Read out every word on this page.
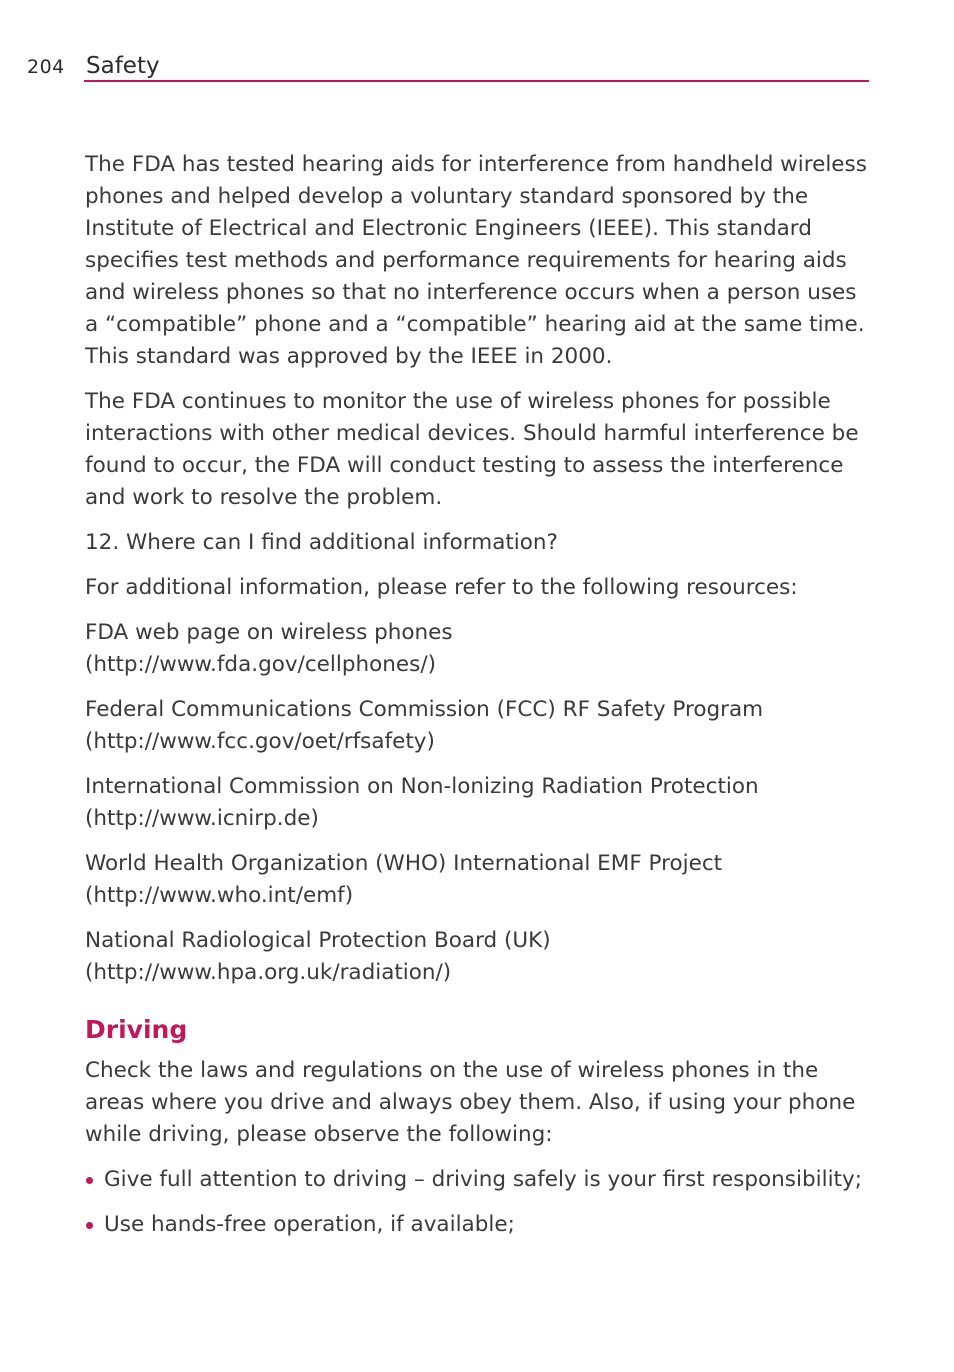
204 Safety

The FDA has tested hearing aids for interference from handheld wireless phones and helped develop a voluntary standard sponsored by the Institute of Electrical and Electronic Engineers (IEEE). This standard specifies test methods and performance requirements for hearing aids and wireless phones so that no interference occurs when a person uses a “compatible” phone and a “compatible” hearing aid at the same time. This standard was approved by the IEEE in 2000.

The FDA continues to monitor the use of wireless phones for possible interactions with other medical devices. Should harmful interference be found to occur, the FDA will conduct testing to assess the interference and work to resolve the problem.

12. Where can I find additional information?

For additional information, please refer to the following resources:

FDA web page on wireless phones
(http://www.fda.gov/cellphones/)

Federal Communications Commission (FCC) RF Safety Program
(http://www.fcc.gov/oet/rfsafety)

International Commission on Non-lonizing Radiation Protection
(http://www.icnirp.de)

World Health Organization (WHO) International EMF Project
(http://www.who.int/emf)

National Radiological Protection Board (UK)
(http://www.hpa.org.uk/radiation/)

Driving

Check the laws and regulations on the use of wireless phones in the areas where you drive and always obey them. Also, if using your phone while driving, please observe the following:

Give full attention to driving – driving safely is your first responsibility;
Use hands-free operation, if available;
